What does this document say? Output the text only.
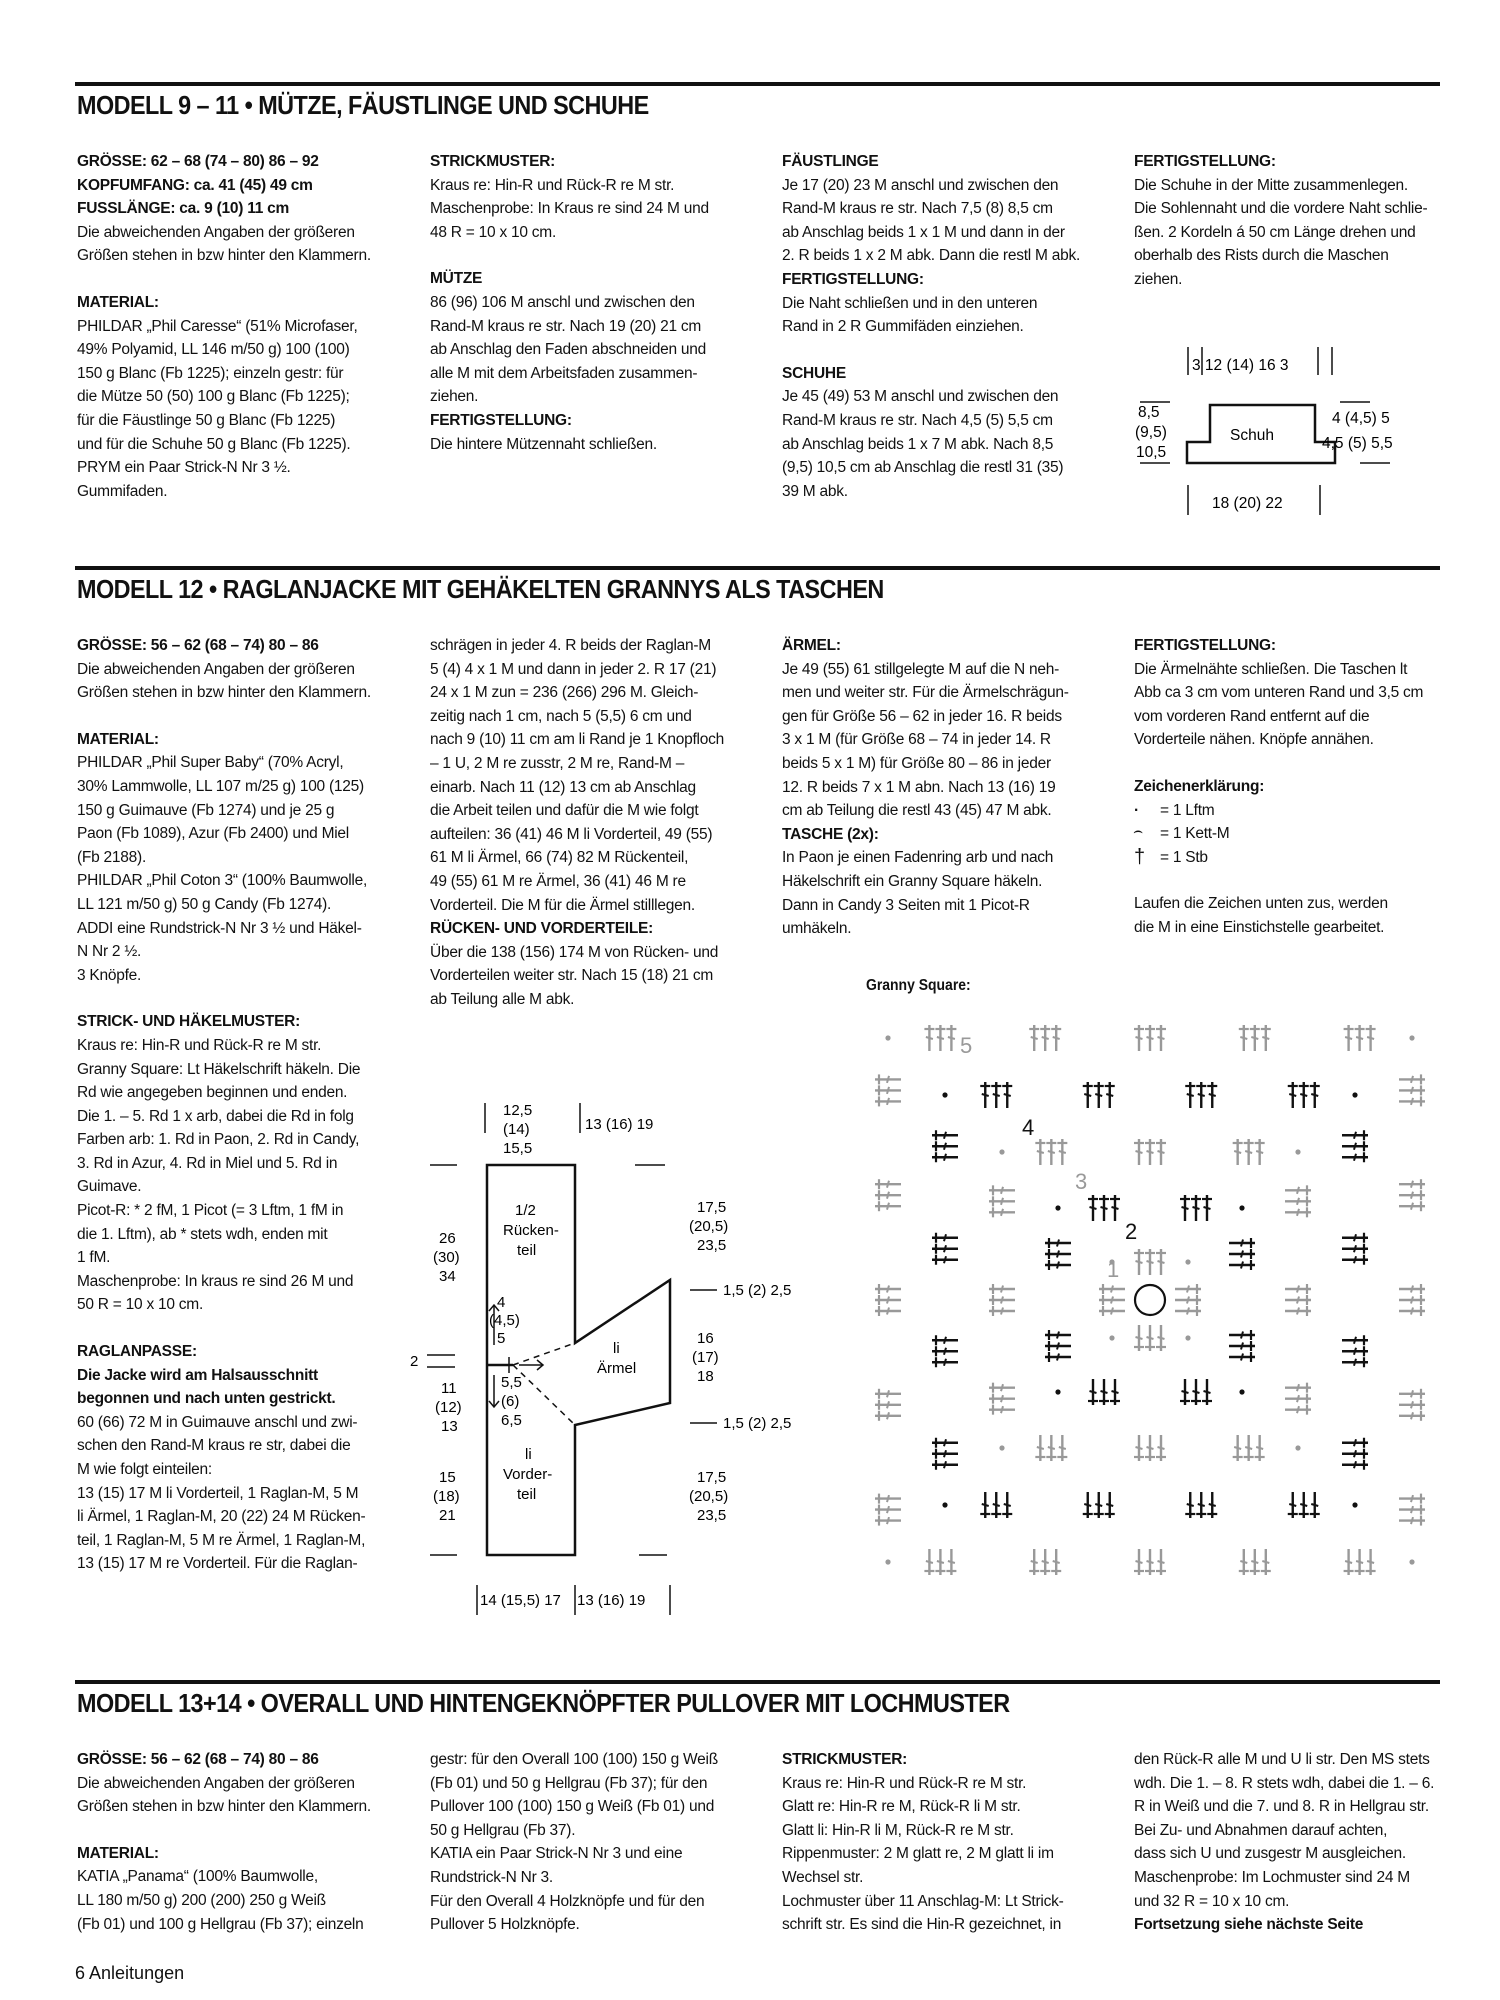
MODELL 9 – 11 • MÜTZE, FÄUSTLINGE UND SCHUHE

GRÖSSE: 62 – 68 (74 – 80) 86 – 92

KOPFUMFANG: ca. 41 (45) 49 cm

FUSSLÄNGE: ca. 9 (10) 11 cm

Die abweichenden Angaben der größeren

Größen stehen in bzw hinter den Klammern.

MATERIAL:

PHILDAR „Phil Caresse“ (51% Microfaser,

49% Polyamid, LL 146 m/50 g) 100 (100)

150 g Blanc (Fb 1225); einzeln gestr: für

die Mütze 50 (50) 100 g Blanc (Fb 1225);

für die Fäustlinge 50 g Blanc (Fb 1225)

und für die Schuhe 50 g Blanc (Fb 1225).

PRYM ein Paar Strick-N Nr 3 ½.

Gummifaden.

STRICKMUSTER:

Kraus re: Hin-R und Rück-R re M str.

Maschenprobe: In Kraus re sind 24 M und

48 R = 10 x 10 cm.

MÜTZE

86 (96) 106 M anschl und zwischen den

Rand-M kraus re str. Nach 19 (20) 21 cm

ab Anschlag den Faden abschneiden und

alle M mit dem Arbeitsfaden zusammen-

ziehen.

FERTIGSTELLUNG:

Die hintere Mützennaht schließen.

FÄUSTLINGE

Je 17 (20) 23 M anschl und zwischen den

Rand-M kraus re str. Nach 7,5 (8) 8,5 cm

ab Anschlag beids 1 x 1 M und dann in der

2. R beids 1 x 2 M abk. Dann die restl M abk.

FERTIGSTELLUNG:

Die Naht schließen und in den unteren

Rand in 2 R Gummifäden einziehen.

SCHUHE

Je 45 (49) 53 M anschl und zwischen den

Rand-M kraus re str. Nach 4,5 (5) 5,5 cm

ab Anschlag beids 1 x 7 M abk. Nach 8,5

(9,5) 10,5 cm ab Anschlag die restl 31 (35)

39 M abk.

FERTIGSTELLUNG:

Die Schuhe in der Mitte zusammenlegen.

Die Sohlennaht und die vordere Naht schlie-

ßen. 2 Kordeln á 50 cm Länge drehen und

oberhalb des Rists durch die Maschen

ziehen.

3 12 (14) 16 3
8,5
(9,5)
10,5
Schuh
4 (4,5) 5
4,5 (5) 5,5
18 (20) 22
MODELL 12 • RAGLANJACKE MIT GEHÄKELTEN GRANNYS ALS TASCHEN

GRÖSSE: 56 – 62 (68 – 74) 80 – 86

Die abweichenden Angaben der größeren

Größen stehen in bzw hinter den Klammern.

MATERIAL:

PHILDAR „Phil Super Baby“ (70% Acryl,

30% Lammwolle, LL 107 m/25 g) 100 (125)

150 g Guimauve (Fb 1274) und je 25 g

Paon (Fb 1089), Azur (Fb 2400) und Miel

(Fb 2188).

PHILDAR „Phil Coton 3“ (100% Baumwolle,

LL 121 m/50 g) 50 g Candy (Fb 1274).

ADDI eine Rundstrick-N Nr 3 ½ und Häkel-

N Nr 2 ½.

3 Knöpfe.

STRICK- UND HÄKELMUSTER:

Kraus re: Hin-R und Rück-R re M str.

Granny Square: Lt Häkelschrift häkeln. Die

Rd wie angegeben beginnen und enden.

Die 1. – 5. Rd 1 x arb, dabei die Rd in folg

Farben arb: 1. Rd in Paon, 2. Rd in Candy,

3. Rd in Azur, 4. Rd in Miel und 5. Rd in

Guimave.

Picot-R: * 2 fM, 1 Picot (= 3 Lftm, 1 fM in

die 1. Lftm), ab * stets wdh, enden mit

1 fM.

Maschenprobe: In kraus re sind 26 M und

50 R = 10 x 10 cm.

RAGLANPASSE:

Die Jacke wird am Halsausschnitt

begonnen und nach unten gestrickt.

60 (66) 72 M in Guimauve anschl und zwi-

schen den Rand-M kraus re str, dabei die

M wie folgt einteilen:

13 (15) 17 M li Vorderteil, 1 Raglan-M, 5 M

li Ärmel, 1 Raglan-M, 20 (22) 24 M Rücken-

teil, 1 Raglan-M, 5 M re Ärmel, 1 Raglan-M,

13 (15) 17 M re Vorderteil. Für die Raglan-

schrägen in jeder 4. R beids der Raglan-M

5 (4) 4 x 1 M und dann in jeder 2. R 17 (21)

24 x 1 M zun = 236 (266) 296 M. Gleich-

zeitig nach 1 cm, nach 5 (5,5) 6 cm und

nach 9 (10) 11 cm am li Rand je 1 Knopfloch

– 1 U, 2 M re zusstr, 2 M re, Rand-M –

einarb. Nach 11 (12) 13 cm ab Anschlag

die Arbeit teilen und dafür die M wie folgt

aufteilen: 36 (41) 46 M li Vorderteil, 49 (55)

61 M li Ärmel, 66 (74) 82 M Rückenteil,

49 (55) 61 M re Ärmel, 36 (41) 46 M re

Vorderteil. Die M für die Ärmel stilllegen.

RÜCKEN- UND VORDERTEILE:

Über die 138 (156) 174 M von Rücken- und

Vorderteilen weiter str. Nach 15 (18) 21 cm

ab Teilung alle M abk.

ÄRMEL:

Je 49 (55) 61 stillgelegte M auf die N neh-

men und weiter str. Für die Ärmelschrägun-

gen für Größe 56 – 62 in jeder 16. R beids

3 x 1 M (für Größe 68 – 74 in jeder 14. R

beids 5 x 1 M) für Größe 80 – 86 in jeder

12. R beids 7 x 1 M abn. Nach 13 (16) 19

cm ab Teilung die restl 43 (45) 47 M abk.

TASCHE (2x):

In Paon je einen Fadenring arb und nach

Häkelschrift ein Granny Square häkeln.

Dann in Candy 3 Seiten mit 1 Picot-R

umhäkeln.

FERTIGSTELLUNG:

Die Ärmelnähte schließen. Die Taschen lt

Abb ca 3 cm vom unteren Rand und 3,5 cm

vom vorderen Rand entfernt auf die

Vorderteile nähen. Knöpfe annähen.

Zeichenerklärung:

· = 1 Lftm

⌢ = 1 Kett-M

† = 1 Stb

Laufen die Zeichen unten zus, werden

die M in eine Einstichstelle gearbeitet.

Granny Square:
12,5
(14)
15,5
13 (16) 19
1/2
Rücken-
teil
26
(30)
34
17,5
(20,5)
23,5
1,5 (2) 2,5
4
(4,5)
5
li
Ärmel
16
(17)
18
2
11
(12)
13
5,5
(6)
6,5	1,5 (2) 2,5
li
Vorder-
teil
15
(18)
21
17,5
(20,5)
23,5
14 (15,5) 17 13 (16) 19
1
2
3
4
5
MODELL 13+14 • OVERALL UND HINTENGEKNÖPFTER PULLOVER MIT LOCHMUSTER

GRÖSSE: 56 – 62 (68 – 74) 80 – 86

Die abweichenden Angaben der größeren

Größen stehen in bzw hinter den Klammern.

MATERIAL:

KATIA „Panama“ (100% Baumwolle,

LL 180 m/50 g) 200 (200) 250 g Weiß

(Fb 01) und 100 g Hellgrau (Fb 37); einzeln

gestr: für den Overall 100 (100) 150 g Weiß

(Fb 01) und 50 g Hellgrau (Fb 37); für den

Pullover 100 (100) 150 g Weiß (Fb 01) und

50 g Hellgrau (Fb 37).

KATIA ein Paar Strick-N Nr 3 und eine

Rundstrick-N Nr 3.

Für den Overall 4 Holzknöpfe und für den

Pullover 5 Holzknöpfe.

STRICKMUSTER:

Kraus re: Hin-R und Rück-R re M str.

Glatt re: Hin-R re M, Rück-R li M str.

Glatt li: Hin-R li M, Rück-R re M str.

Rippenmuster: 2 M glatt re, 2 M glatt li im

Wechsel str.

Lochmuster über 11 Anschlag-M: Lt Strick-

schrift str. Es sind die Hin-R gezeichnet, in

den Rück-R alle M und U li str. Den MS stets

wdh. Die 1. – 8. R stets wdh, dabei die 1. – 6.

R in Weiß und die 7. und 8. R in Hellgrau str.

Bei Zu- und Abnahmen darauf achten,

dass sich U und zusgestr M ausgleichen.

Maschenprobe: Im Lochmuster sind 24 M

und 32 R = 10 x 10 cm.

Fortsetzung siehe nächste Seite

6 Anleitungen
